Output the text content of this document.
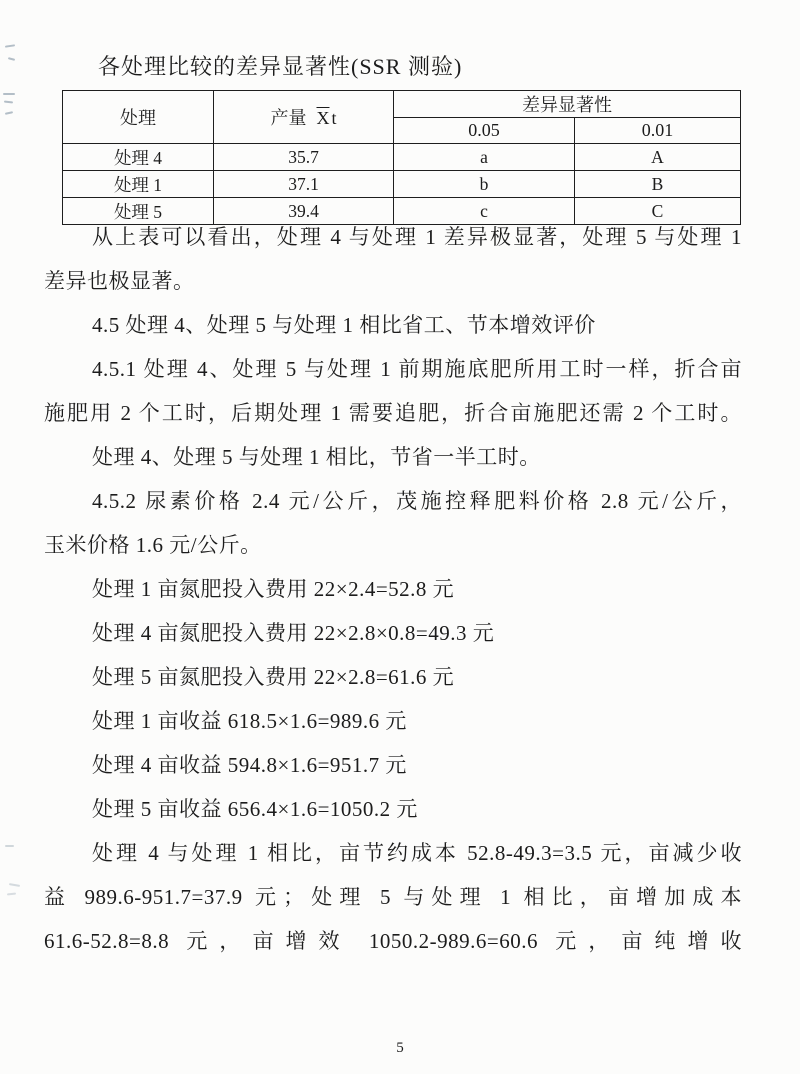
各处理比较的差异显著性(SSR 测验)
处理	产量 $\overline{X}$ t	差异显著性	
		0.05	0.01
处理 4	35.7	a	A
处理 1	37.1	b	B
处理 5	39.4	c	C
从上表可以看出，处理 4 与处理 1 差异极显著，处理 5 与处理 1
差异也极显著。
4.5 处理 4、处理 5 与处理 1 相比省工、节本增效评价
4.5.1 处理 4、处理 5 与处理 1 前期施底肥所用工时一样，折合亩
施肥用 2 个工时，后期处理 1 需要追肥，折合亩施肥还需 2 个工时。
处理 4、处理 5 与处理 1 相比，节省一半工时。
4.5.2 尿素价格 2.4 元/公斤，茂施控释肥料价格 2.8 元/公斤，
玉米价格 1.6 元/公斤。
处理 1 亩氮肥投入费用 22×2.4=52.8 元
处理 4 亩氮肥投入费用 22×2.8×0.8=49.3 元
处理 5 亩氮肥投入费用 22×2.8=61.6 元
处理 1 亩收益 618.5×1.6=989.6 元
处理 4 亩收益 594.8×1.6=951.7 元
处理 5 亩收益 656.4×1.6=1050.2 元
处理 4 与处理 1 相比，亩节约成本 52.8-49.3=3.5 元，亩减少收
益 989.6-951.7=37.9 元；处理 5 与处理 1 相比，亩增加成本
61.6-52.8=8.8 元，亩增效 1050.2-989.6=60.6 元，亩纯增收
5
